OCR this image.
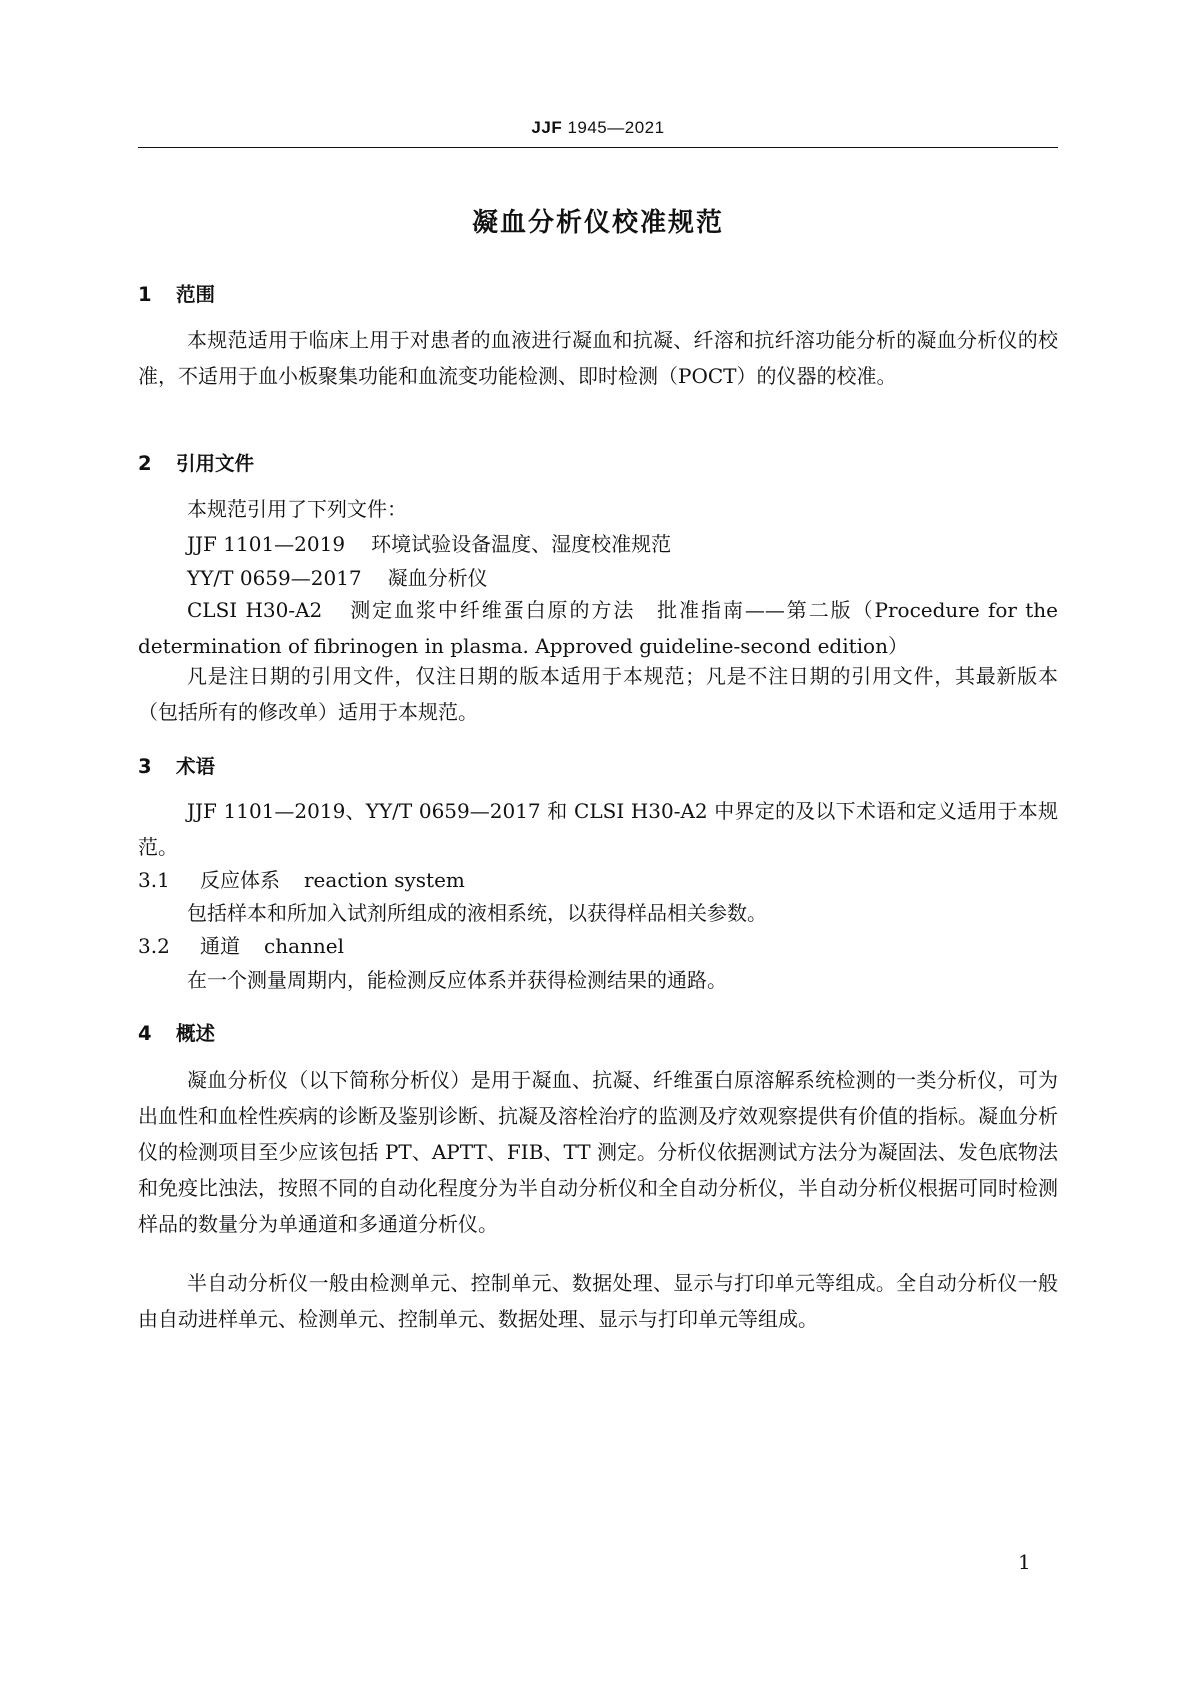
JJF 1945—2021
凝血分析仪校准规范
1 范围
本规范适用于临床上用于对患者的血液进行凝血和抗凝、纤溶和抗纤溶功能分析的凝血分析仪的校准，不适用于血小板聚集功能和血流变功能检测、即时检测（POCT）的仪器的校准。
2 引用文件
本规范引用了下列文件：
JJF 1101—2019 环境试验设备温度、湿度校准规范
YY/T 0659—2017 凝血分析仪
CLSI H30-A2 测定血浆中纤维蛋白原的方法　批准指南——第二版（Procedure for the determination of fibrinogen in plasma. Approved guideline-second edition）
凡是注日期的引用文件，仅注日期的版本适用于本规范；凡是不注日期的引用文件，其最新版本（包括所有的修改单）适用于本规范。
3 术语
JJF 1101—2019、YY/T 0659—2017 和 CLSI H30-A2 中界定的及以下术语和定义适用于本规范。
3.1 反应体系 reaction system
包括样本和所加入试剂所组成的液相系统，以获得样品相关参数。
3.2 通道 channel
在一个测量周期内，能检测反应体系并获得检测结果的通路。
4 概述
凝血分析仪（以下简称分析仪）是用于凝血、抗凝、纤维蛋白原溶解系统检测的一类分析仪，可为出血性和血栓性疾病的诊断及鉴别诊断、抗凝及溶栓治疗的监测及疗效观察提供有价值的指标。凝血分析仪的检测项目至少应该包括 PT、APTT、FIB、TT 测定。分析仪依据测试方法分为凝固法、发色底物法和免疫比浊法，按照不同的自动化程度分为半自动分析仪和全自动分析仪，半自动分析仪根据可同时检测样品的数量分为单通道和多通道分析仪。
半自动分析仪一般由检测单元、控制单元、数据处理、显示与打印单元等组成。全自动分析仪一般由自动进样单元、检测单元、控制单元、数据处理、显示与打印单元等组成。
1
